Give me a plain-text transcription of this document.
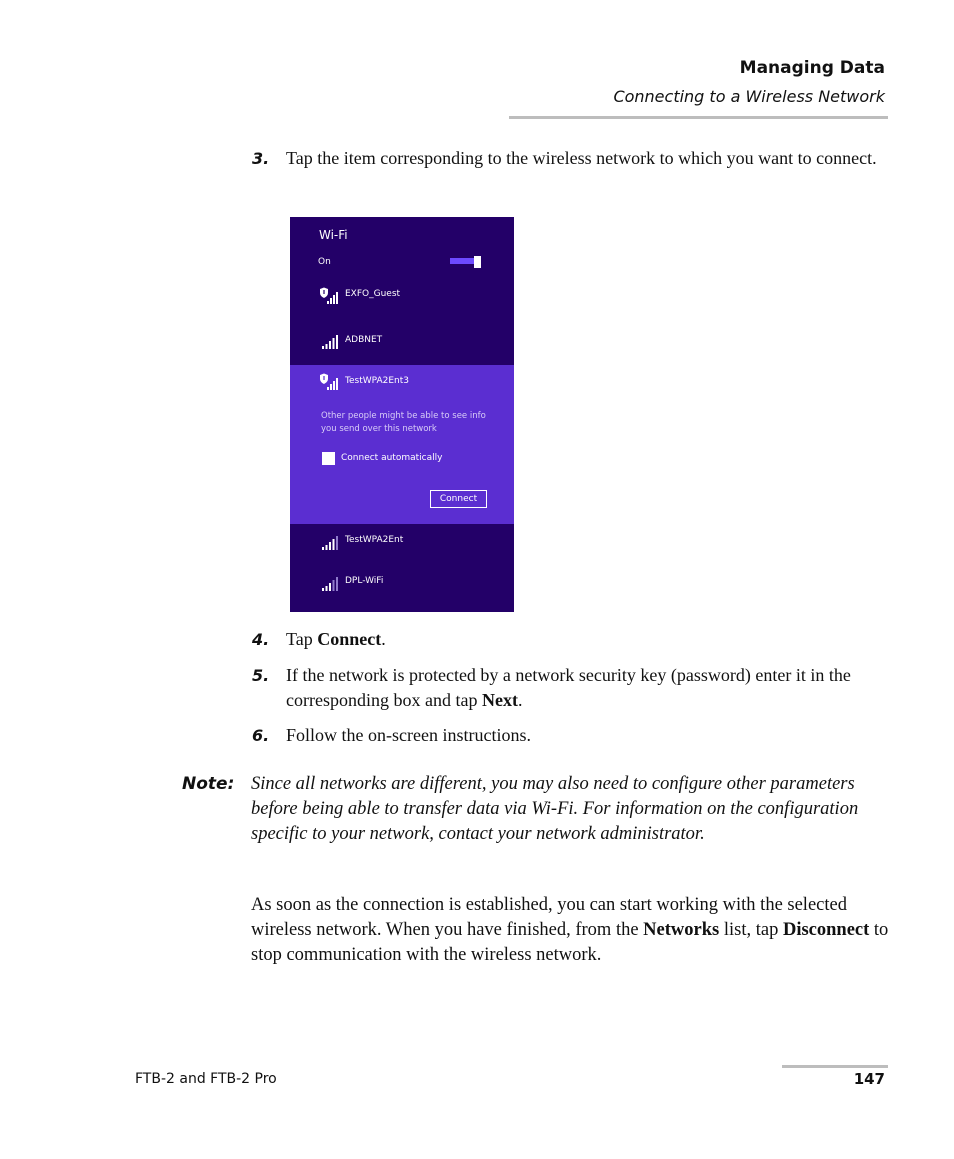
Managing Data
Connecting to a Wireless Network
3. Tap the item corresponding to the wireless network to which you want to connect.
Wi-Fi
On
EXFO_Guest
ADBNET
TestWPA2Ent3
Other people might be able to see info you send over this network
Connect automatically
Connect
TestWPA2Ent
DPL-WiFi
4. Tap Connect.
5. If the network is protected by a network security key (password) enter it in the corresponding box and tap Next.
6. Follow the on-screen instructions.
Note: Since all networks are different, you may also need to configure other parameters before being able to transfer data via Wi-Fi. For information on the configuration specific to your network, contact your network administrator.
As soon as the connection is established, you can start working with the selected wireless network. When you have finished, from the Networks list, tap Disconnect to stop communication with the wireless network.
FTB-2 and FTB-2 Pro	147
